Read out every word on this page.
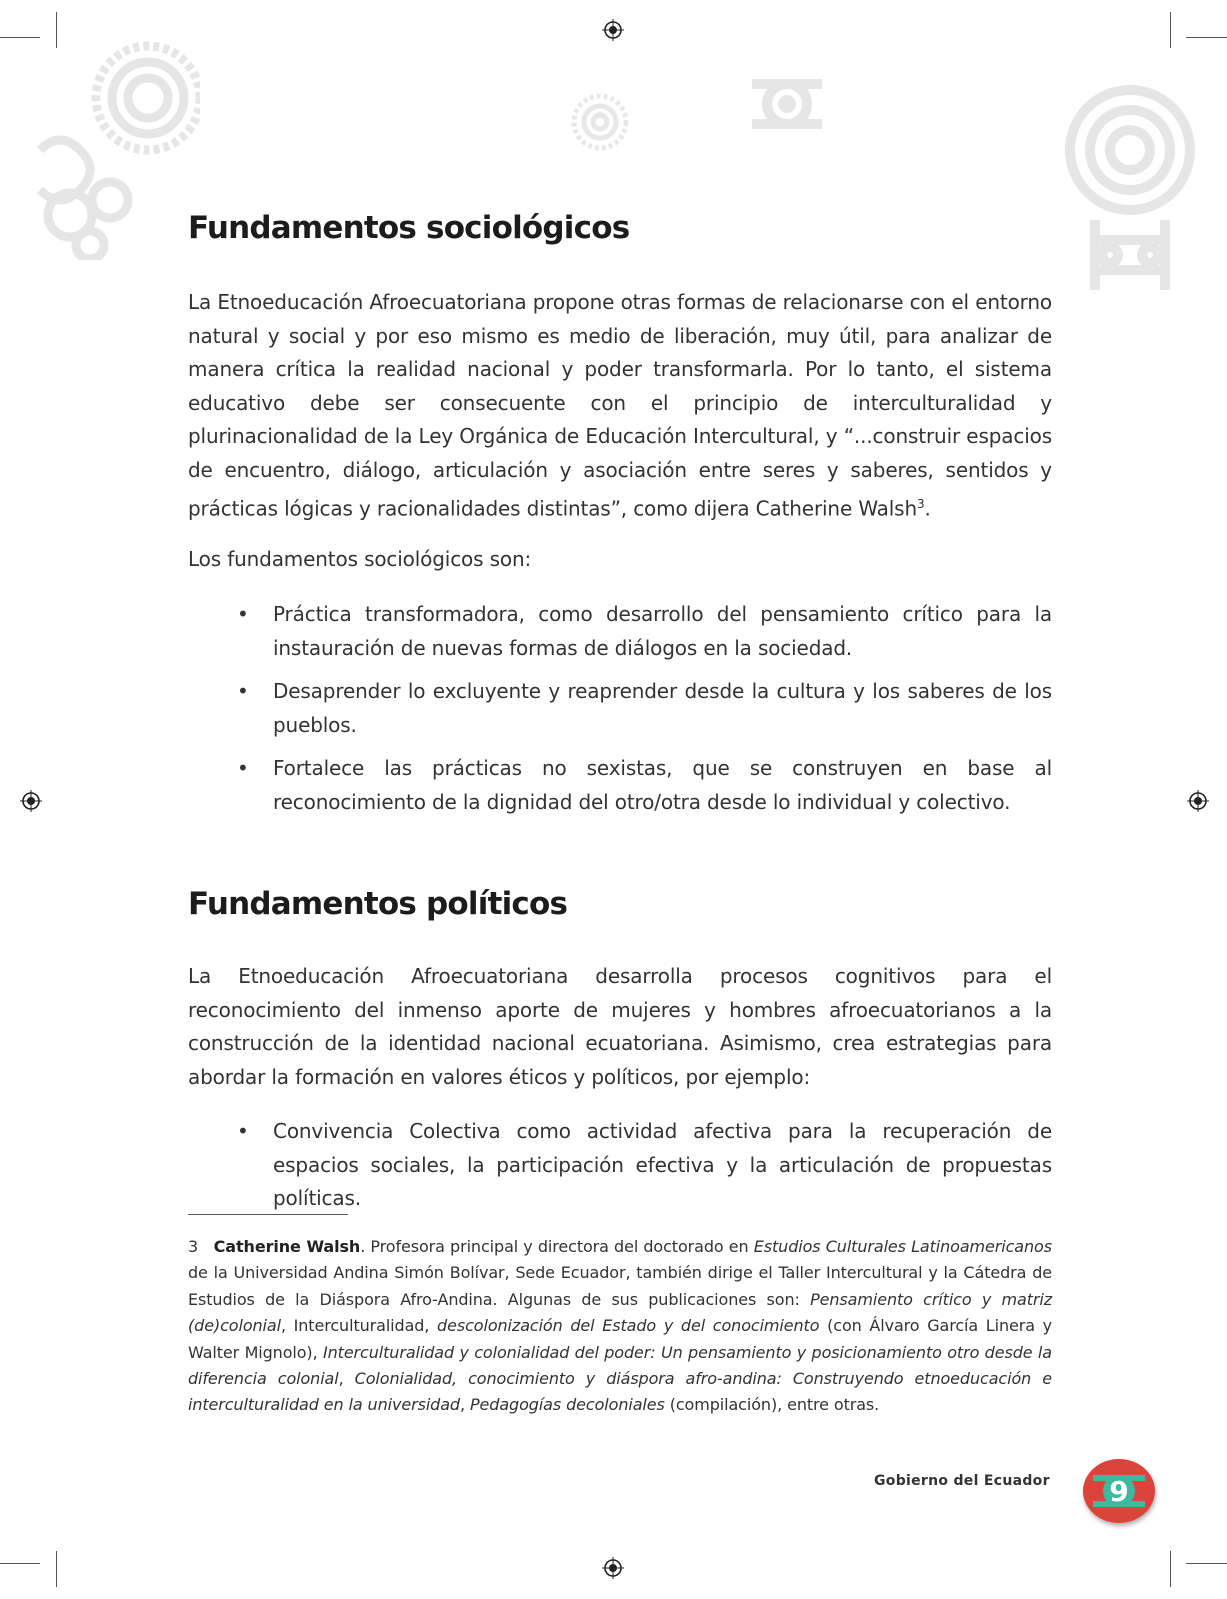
Fundamentos sociológicos

La Etnoeducación Afroecuatoriana propone otras formas de relacionarse con el entorno natural y social y por eso mismo es medio de liberación, muy útil, para analizar de manera crítica la realidad nacional y poder transformarla. Por lo tanto, el sistema educativo debe ser consecuente con el principio de interculturalidad y plurinacionalidad de la Ley Orgánica de Educación Intercultural, y “...construir espacios de encuentro, diálogo, articulación y asociación entre seres y saberes, sentidos y prácticas lógicas y racionalidades distintas”, como dijera Catherine Walsh$^3$.

Los fundamentos sociológicos son:

• Práctica transformadora, como desarrollo del pensamiento crítico para la instauración de nuevas formas de diálogos en la sociedad.
• Desaprender lo excluyente y reaprender desde la cultura y los saberes de los pueblos.
• Fortalece las prácticas no sexistas, que se construyen en base al reconocimiento de la dignidad del otro/otra desde lo individual y colectivo.
Fundamentos políticos

La Etnoeducación Afroecuatoriana desarrolla procesos cognitivos para el reconocimiento del inmenso aporte de mujeres y hombres afroecuatorianos a la construcción de la identidad nacional ecuatoriana. Asimismo, crea estrategias para abordar la formación en valores éticos y políticos, por ejemplo:

• Convivencia Colectiva como actividad afectiva para la recuperación de espacios sociales, la participación efectiva y la articulación de propuestas políticas.

3 Catherine Walsh. Profesora principal y directora del doctorado en Estudios Culturales Latinoamericanos de la Universidad Andina Simón Bolívar, Sede Ecuador, también dirige el Taller Intercultural y la Cátedra de Estudios de la Diáspora Afro-Andina. Algunas de sus publicaciones son: Pensamiento crítico y matriz (de)colonial, Interculturalidad, descolonización del Estado y del conocimiento (con Álvaro García Linera y Walter Mignolo), Interculturalidad y colonialidad del poder: Un pensamiento y posicionamiento otro desde la diferencia colonial, Colonialidad, conocimiento y diáspora afro-andina: Construyendo etnoeducación e interculturalidad en la universidad, Pedagogías decoloniales (compilación), entre otras.

Gobierno del Ecuador 9
